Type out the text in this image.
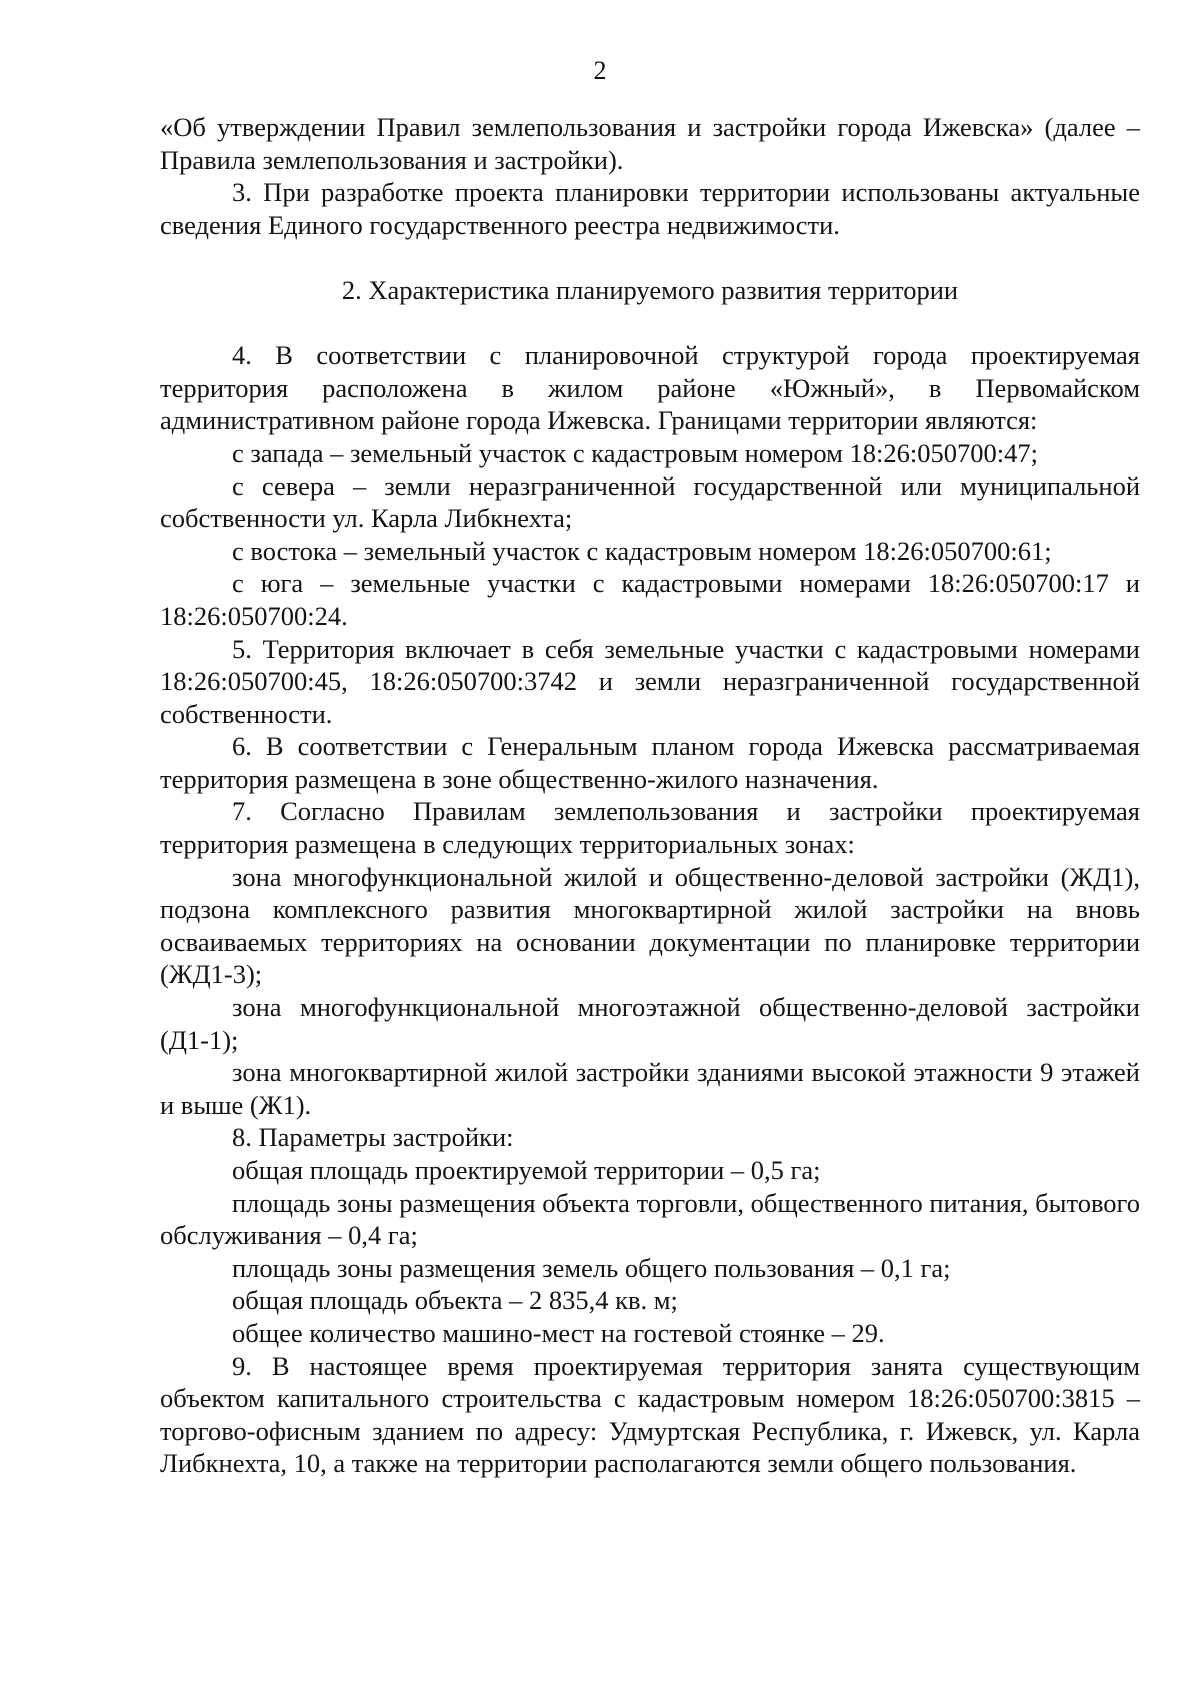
2

«Об утверждении Правил землепользования и застройки города Ижевска» (далее – Правила землепользования и застройки).

3. При разработке проекта планировки территории использованы актуальные сведения Единого государственного реестра недвижимости.

2. Характеристика планируемого развития территории

4. В соответствии с планировочной структурой города проектируемая территория расположена в жилом районе «Южный», в Первомайском административном районе города Ижевска. Границами территории являются:

с запада – земельный участок с кадастровым номером 18:26:050700:47;

с севера – земли неразграниченной государственной или муниципальной собственности ул. Карла Либкнехта;

с востока – земельный участок с кадастровым номером 18:26:050700:61;

с юга – земельные участки с кадастровыми номерами 18:26:050700:17 и 18:26:050700:24.

5. Территория включает в себя земельные участки с кадастровыми номерами 18:26:050700:45, 18:26:050700:3742 и земли неразграниченной государственной собственности.

6. В соответствии с Генеральным планом города Ижевска рассматриваемая территория размещена в зоне общественно-жилого назначения.

7. Согласно Правилам землепользования и застройки проектируемая территория размещена в следующих территориальных зонах:

зона многофункциональной жилой и общественно-деловой застройки (ЖД1), подзона комплексного развития многоквартирной жилой застройки на вновь осваиваемых территориях на основании документации по планировке территории (ЖД1-3);

зона многофункциональной многоэтажной общественно-деловой застройки (Д1-1);

зона многоквартирной жилой застройки зданиями высокой этажности 9 этажей и выше (Ж1).

8. Параметры застройки:

общая площадь проектируемой территории – 0,5 га;

площадь зоны размещения объекта торговли, общественного питания, бытового обслуживания – 0,4 га;

площадь зоны размещения земель общего пользования – 0,1 га;

общая площадь объекта – 2 835,4 кв. м;

общее количество машино-мест на гостевой стоянке – 29.

9. В настоящее время проектируемая территория занята существующим объектом капитального строительства с кадастровым номером 18:26:050700:3815 – торгово-офисным зданием по адресу: Удмуртская Республика, г. Ижевск, ул. Карла Либкнехта, 10, а также на территории располагаются земли общего пользования.
